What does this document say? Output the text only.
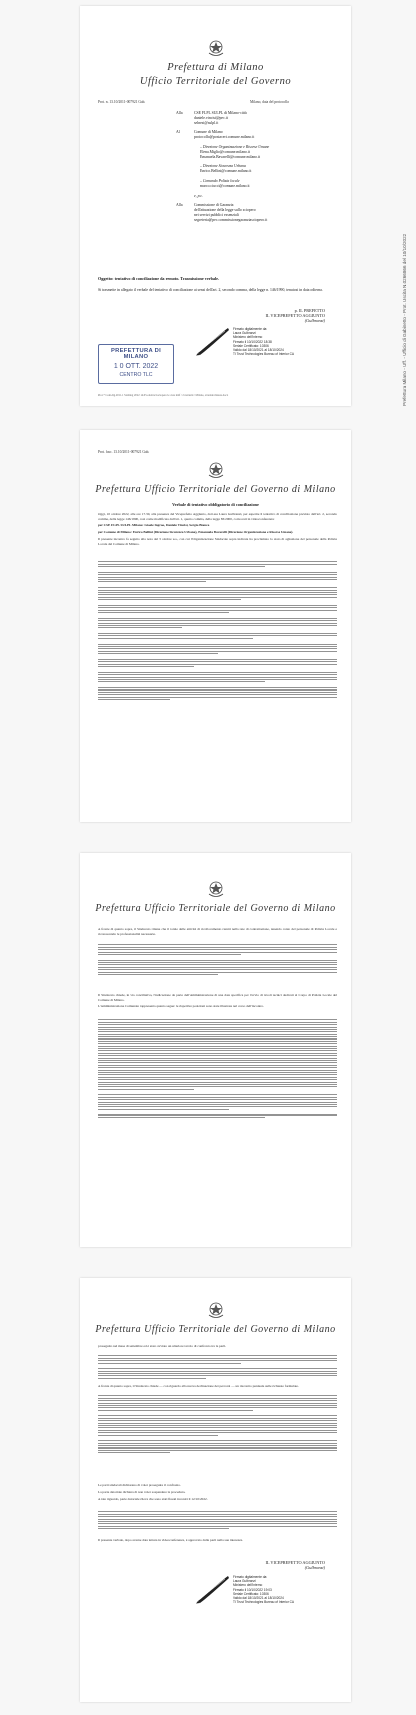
Prefettura di Milano
Ufficio Territoriale del Governo
Prot. n. 13.10/2011-007921 Gab.	Milano, data del protocollo
Alla	CSE FLPL SULPL di Milano-città
daniele.vincisi@pec.it
selnesi@sulpl.it
Al	Comune di Milano
protocollo@postacert.comune.milano.it
– Direzione Organizzazione e Risorse Umane
Elena.Miglio@comune.milano.it
Emanuela.Bavarelli@comune.milano.it
– Direzione Sicurezza Urbana
Enrico.Bellini@comune.milano.it
– Comando Polizia locale
marco.ciucci@comune.milano.it
e, p.c.
Alla	Commissione di Garanzia
dell'attuazione della legge sullo sciopero
nei servizi pubblici essenziali
segreteria@pec.commissionegaranziasciopero.it
Oggetto: tentativo di conciliazione da remoto. Trasmissione verbale.
Si trasmette in allegato il verbale del tentativo di conciliazione ai sensi dell'art. 2, secondo comma, della legge n. 146/1990, tenutosi in data odierna.
p. IL PREFETTO
IL VICEPREFETTO AGGIUNTO
(Gulbranzi)
Firmato digitalmente da:
Laura Gulbranzi
Ministero dell'Interno
Firmato il 10/10/2022 18:38
Seriale Certificato: 10306
Valido dal 18/10/2021 al 18/10/2024
TI Trust Technologies Bureau of Interior CA
PREFETTURA DI MILANO
1 0 OTT. 2022
CENTRO TLC
Prot.* Com.dig.2011.1 Stabileg 2022 14.05.ottobre3.sciopero le cure mdf / 2 notturni / Milano, stradale misure.docx	Prefettura Milano - Uff. - Ufficio di Gabinetto - Prot. Uscita N.0266866 del 10/10/2022
Prot. fasc. 13.10/2011-007921 Gab.
Prefettura Ufficio Territoriale del Governo di Milano
Verbale di tentativo obbligatorio di conciliazione

Oggi, 10 ottobre 2022, alle ore 17.30, alla presenza del Viceprefetto Aggiunto, dott.ssa Laura Gulbranzi, per esperire il tentativo di conciliazione previsto dall'art. 2, secondo comma, della legge 146/1990, così come modificata dall'art. 1, quarto comma, della legge 83/2000, convocati in videoconferenza:

per CSE FLPL SULPL Milano: Gioele Ingrao, Daniele Vincisi, Sergio Bianca

per Comune di Milano: Enrico Bellini (Direzione Sicurezza Urbana), Emanuela Bavarelli (Direzione Organizzazione e Risorse Umane).

Il presente incontro fa seguito alla nota del 3 ottobre u.s., con cui l'Organizzazione Sindacale sopra indicata ha proclamato lo stato di agitazione del personale della Polizia Locale del Comune di Milano.

Prefettura Ufficio Territoriale del Governo di Milano

A fronte di quanto sopra, il Sindacato ritiene che il totale delle attività di ricollocamento rientri nella rete di contrattazione, tenendo conto del personale di Polizia Locale e riconoscendo le professionalità necessarie.

Il Sindacato chiede, in via conciliativa, l'indicazione da parte dell'Amministrazione di una data specifica per l'avvio di tavoli tecnici dedicati al Corpo di Polizia Locale del Comune di Milano.

L'Amministrazione Comunale rappresenta quanto segue: le rispettive posizioni sono state illustrate nel corso dell'incontro.

Prefettura Ufficio Territoriale del Governo di Milano

proseguito nel mese di settembre ed è stato avviato un ulteriore tavolo di confronto tra le parti.

A fronte di quanto sopra, il Sindacato chiede — con riguardo alla nuova declinazione dei percorsi — un riscontro puntuale sulle richieste formulate.

Le parti sindacali dichiarano di voler proseguire il confronto.

La parte datoriale dichiara di non voler sospendere la procedura.

A tale riguardo, parte datoriale rileva che sono stati fissati incontri il 12/10/2022.

Il presente verbale, dopo averne data lettura in videoconferenza, è approvato dalle parti nella sua interezza.

IL VICEPREFETTO AGGIUNTO
(Gulbranzi)
Firmato digitalmente da:
Laura Gulbranzi
Ministero dell'Interno
Firmato il 10/10/2022 19:03
Seriale Certificato: 10306
Valido dal 18/10/2021 al 18/10/2024
TI Trust Technologies Bureau of Interior CA
